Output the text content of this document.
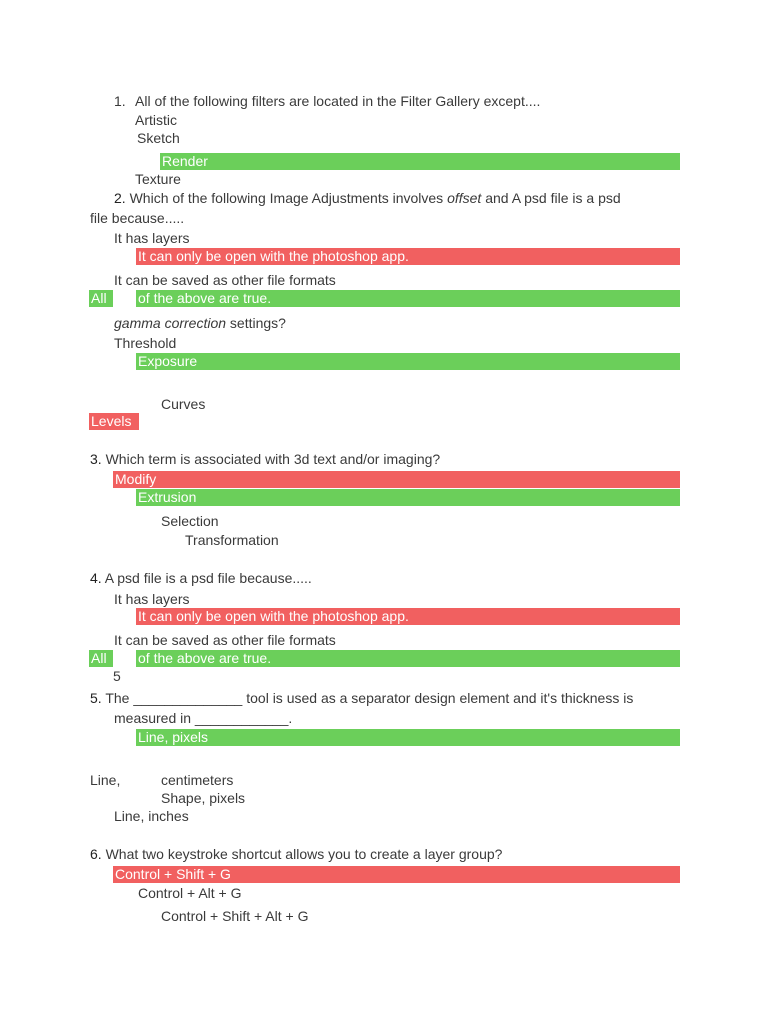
1. All of the following filters are located in the Filter Gallery except....
Artistic
Sketch
Render
Texture
2. Which of the following Image Adjustments involves offset and A psd file is a psd
file because.....
It has layers
It can only be open with the photoshop app.
It can be saved as other file formats
All	of the above are true.
gamma correction settings?
Threshold
Exposure
Curves
Levels
3. Which term is associated with 3d text and/or imaging?
Modify
Extrusion
Selection
Transformation
4. A psd file is a psd file because.....
It has layers
It can only be open with the photoshop app.
It can be saved as other file formats
All	of the above are true.
5
5. The ______________ tool is used as a separator design element and it's thickness is
measured in ____________.
Line, pixels
Line,	centimeters
Shape, pixels
Line, inches
6. What two keystroke shortcut allows you to create a layer group?
Control + Shift + G
Control + Alt + G
Control + Shift + Alt + G
